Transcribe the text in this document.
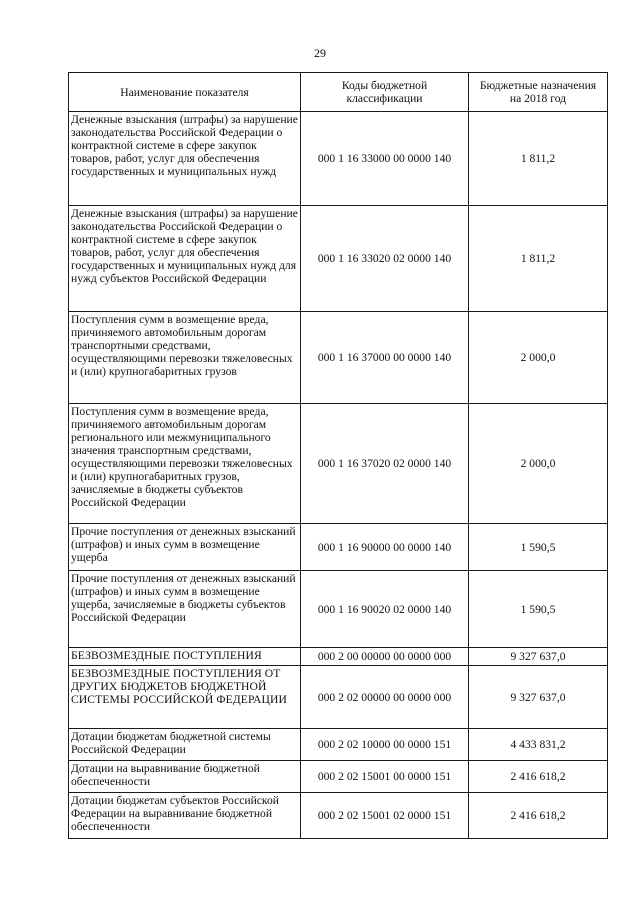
29
Наименование показателя	Коды бюджетной классификации	Бюджетные назначения на 2018 год
Денежные взыскания (штрафы) за нарушение законодательства Российской Федерации о контрактной системе в сфере закупок товаров, работ, услуг для обеспечения государственных и муниципальных нужд	000 1 16 33000 00 0000 140	1 811,2
Денежные взыскания (штрафы) за нарушение законодательства Российской Федерации о контрактной системе в сфере закупок товаров, работ, услуг для обеспечения государственных и муниципальных нужд для нужд субъектов Российской Федерации	000 1 16 33020 02 0000 140	1 811,2
Поступления сумм в возмещение вреда, причиняемого автомобильным дорогам транспортными средствами, осуществляющими перевозки тяжеловесных и (или) крупногабаритных грузов	000 1 16 37000 00 0000 140	2 000,0
Поступления сумм в возмещение вреда, причиняемого автомобильным дорогам регионального или межмуниципального значения транспортным средствами, осуществляющими перевозки тяжеловесных и (или) крупногабаритных грузов, зачисляемые в бюджеты субъектов Российской Федерации	000 1 16 37020 02 0000 140	2 000,0
Прочие поступления от денежных взысканий (штрафов) и иных сумм в возмещение ущерба	000 1 16 90000 00 0000 140	1 590,5
Прочие поступления от денежных взысканий (штрафов) и иных сумм в возмещение ущерба, зачисляемые в бюджеты субъектов Российской Федерации	000 1 16 90020 02 0000 140	1 590,5
БЕЗВОЗМЕЗДНЫЕ ПОСТУПЛЕНИЯ	000 2 00 00000 00 0000 000	9 327 637,0
БЕЗВОЗМЕЗДНЫЕ ПОСТУПЛЕНИЯ ОТ ДРУГИХ БЮДЖЕТОВ БЮДЖЕТНОЙ СИСТЕМЫ РОССИЙСКОЙ ФЕДЕРАЦИИ	000 2 02 00000 00 0000 000	9 327 637,0
Дотации бюджетам бюджетной системы Российской Федерации	000 2 02 10000 00 0000 151	4 433 831,2
Дотации на выравнивание бюджетной обеспеченности	000 2 02 15001 00 0000 151	2 416 618,2
Дотации бюджетам субъектов Российской Федерации на выравнивание бюджетной обеспеченности	000 2 02 15001 02 0000 151	2 416 618,2
